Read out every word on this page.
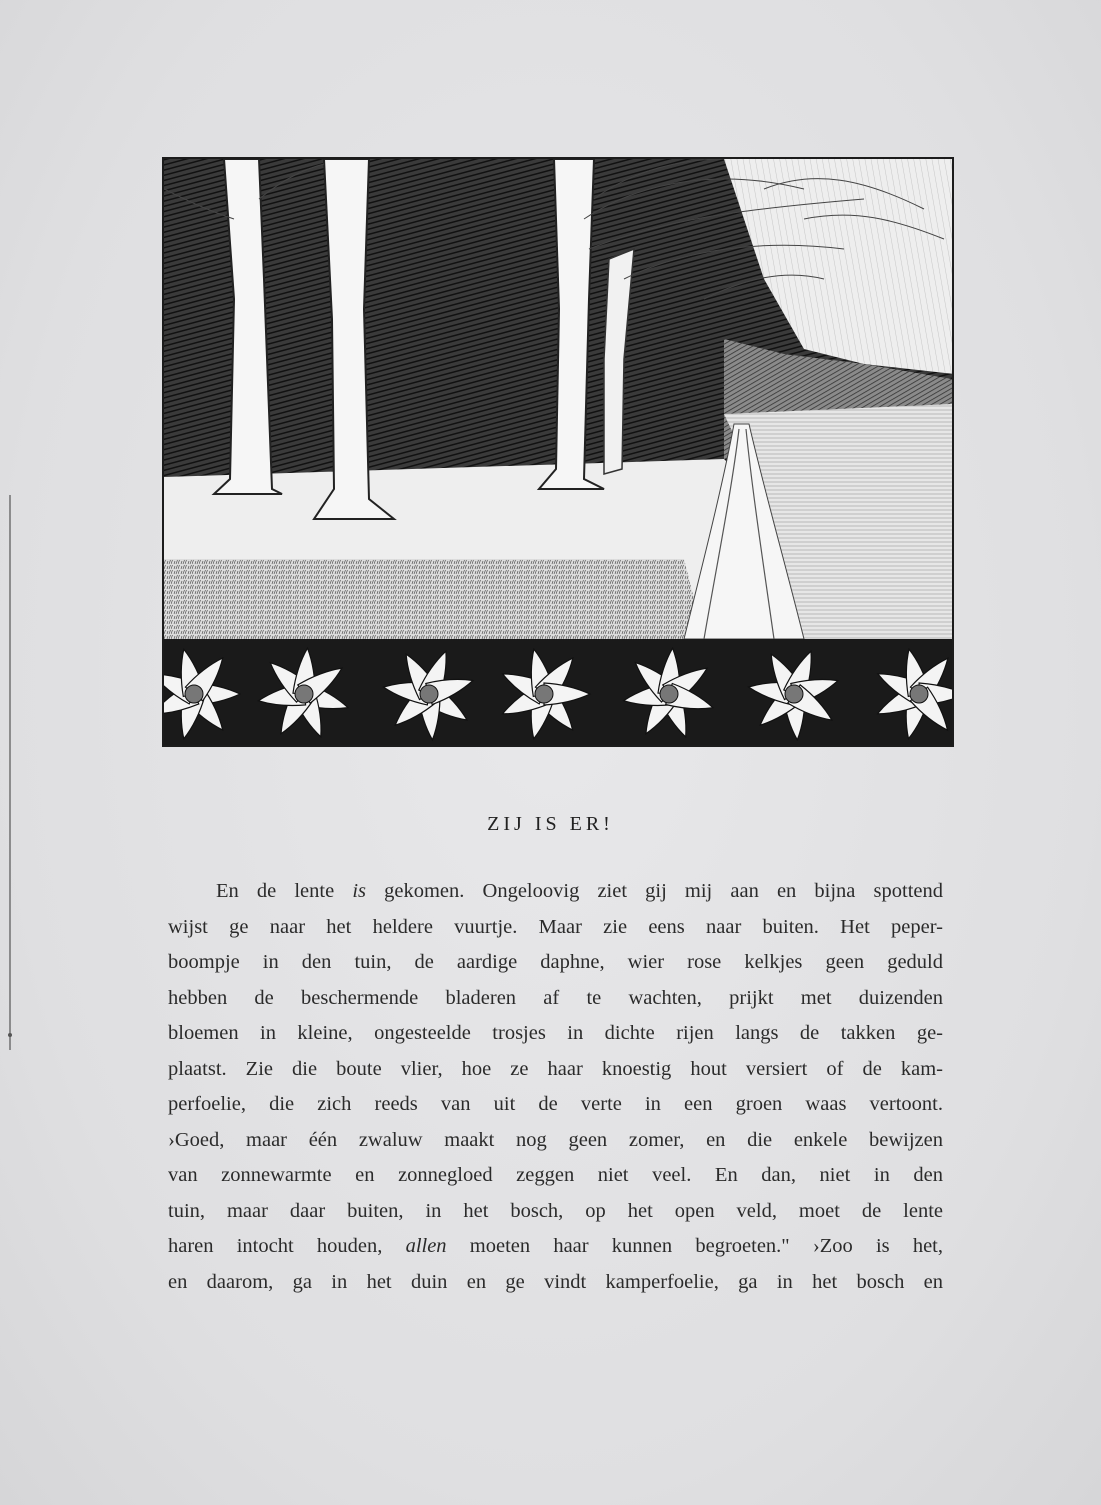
ZIJ IS ER!
En de lente is gekomen. Ongeloovig ziet gij mij aan en bijna spottend
wijst ge naar het heldere vuurtje. Maar zie eens naar buiten. Het peper-
boompje in den tuin, de aardige daphne, wier rose kelkjes geen geduld
hebben de beschermende bladeren af te wachten, prijkt met duizenden
bloemen in kleine, ongesteelde trosjes in dichte rijen langs de takken ge-
plaatst. Zie die boute vlier, hoe ze haar knoestig hout versiert of de kam-
perfoelie, die zich reeds van uit de verte in een groen waas vertoont.
›Goed, maar één zwaluw maakt nog geen zomer, en die enkele bewijzen
van zonnewarmte en zonnegloed zeggen niet veel. En dan, niet in den
tuin, maar daar buiten, in het bosch, op het open veld, moet de lente
haren intocht houden, allen moeten haar kunnen begroeten." ›Zoo is het,
en daarom, ga in het duin en ge vindt kamperfoelie, ga in het bosch en
